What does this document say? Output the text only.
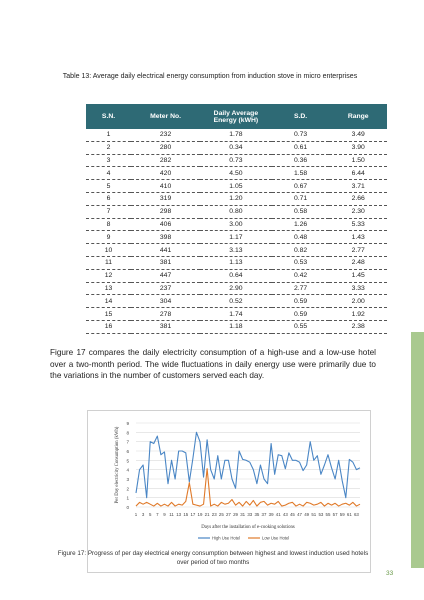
Table 13: Average daily electrical energy consumption from induction stove in micro enterprises
S.N.	Meter No.	Daily Average Energy (kWH)	S.D.	Range
1	232	1.78	0.73	3.49
2	280	0.34	0.61	3.90
3	282	0.73	0.36	1.50
4	420	4.50	1.58	6.44
5	410	1.05	0.67	3.71
6	319	1.20	0.71	2.66
7	298	0.80	0.58	2.30
8	406	3.00	1.26	5.33
9	398	1.17	0.48	1.43
10	441	3.13	0.82	2.77
11	381	1.13	0.53	2.48
12	447	0.64	0.42	1.45
13	237	2.90	2.77	3.33
14	304	0.52	0.59	2.00
15	278	1.74	0.59	1.92
16	381	1.18	0.55	2.38
Figure 17 compares the daily electricity consumption of a high-use and a low-use hotel over a two-month period. The wide fluctuations in daily energy use were primarily due to the variations in the number of customers served each day.
0
1
2
3
4
5
6
7
8
9
1 3 5 7 9 11 13 15 17 19 21 23 25 27 29 31 33 35 37 39 41 43 45 47 49 51 53 55 57 59 61 63
Days after the installation of e-cooking solutions
Per Day electricity Consumption (kWh)
High Use Hotel	Low Use Hotel
Figure 17: Progress of per day electrical energy consumption between highest and lowest induction used hotels over period of two months
33
